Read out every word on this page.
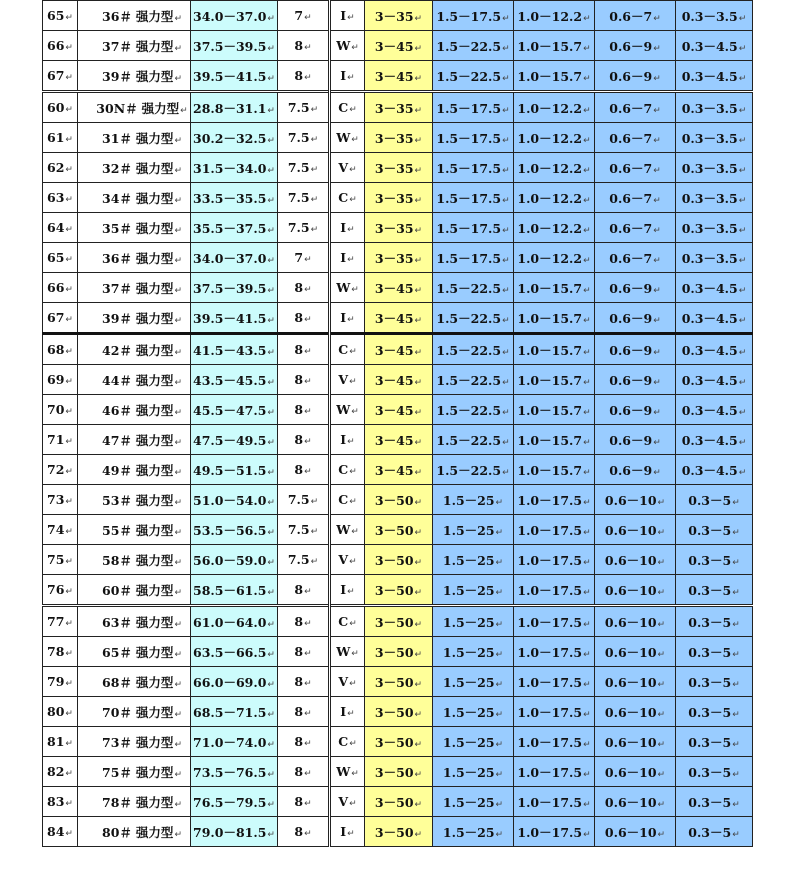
65↵	36＃ 强力型↵	34.0－37.0↵	7↵	I↵	3－35↵	1.5－17.5↵	1.0－12.2↵	0.6－7↵	0.3－3.5↵
66↵	37＃ 强力型↵	37.5－39.5↵	8↵	W↵	3－45↵	1.5－22.5↵	1.0－15.7↵	0.6－9↵	0.3－4.5↵
67↵	39＃ 强力型↵	39.5－41.5↵	8↵	I↵	3－45↵	1.5－22.5↵	1.0－15.7↵	0.6－9↵	0.3－4.5↵
60↵	30N＃ 强力型↵	28.8－31.1↵	7.5↵	C↵	3－35↵	1.5－17.5↵	1.0－12.2↵	0.6－7↵	0.3－3.5↵
61↵	31＃ 强力型↵	30.2－32.5↵	7.5↵	W↵	3－35↵	1.5－17.5↵	1.0－12.2↵	0.6－7↵	0.3－3.5↵
62↵	32＃ 强力型↵	31.5－34.0↵	7.5↵	V↵	3－35↵	1.5－17.5↵	1.0－12.2↵	0.6－7↵	0.3－3.5↵
63↵	34＃ 强力型↵	33.5－35.5↵	7.5↵	C↵	3－35↵	1.5－17.5↵	1.0－12.2↵	0.6－7↵	0.3－3.5↵
64↵	35＃ 强力型↵	35.5－37.5↵	7.5↵	I↵	3－35↵	1.5－17.5↵	1.0－12.2↵	0.6－7↵	0.3－3.5↵
65↵	36＃ 强力型↵	34.0－37.0↵	7↵	I↵	3－35↵	1.5－17.5↵	1.0－12.2↵	0.6－7↵	0.3－3.5↵
66↵	37＃ 强力型↵	37.5－39.5↵	8↵	W↵	3－45↵	1.5－22.5↵	1.0－15.7↵	0.6－9↵	0.3－4.5↵
67↵	39＃ 强力型↵	39.5－41.5↵	8↵	I↵	3－45↵	1.5－22.5↵	1.0－15.7↵	0.6－9↵	0.3－4.5↵
68↵	42＃ 强力型↵	41.5－43.5↵	8↵	C↵	3－45↵	1.5－22.5↵	1.0－15.7↵	0.6－9↵	0.3－4.5↵
69↵	44＃ 强力型↵	43.5－45.5↵	8↵	V↵	3－45↵	1.5－22.5↵	1.0－15.7↵	0.6－9↵	0.3－4.5↵
70↵	46＃ 强力型↵	45.5－47.5↵	8↵	W↵	3－45↵	1.5－22.5↵	1.0－15.7↵	0.6－9↵	0.3－4.5↵
71↵	47＃ 强力型↵	47.5－49.5↵	8↵	I↵	3－45↵	1.5－22.5↵	1.0－15.7↵	0.6－9↵	0.3－4.5↵
72↵	49＃ 强力型↵	49.5－51.5↵	8↵	C↵	3－45↵	1.5－22.5↵	1.0－15.7↵	0.6－9↵	0.3－4.5↵
73↵	53＃ 强力型↵	51.0－54.0↵	7.5↵	C↵	3－50↵	1.5－25↵	1.0－17.5↵	0.6－10↵	0.3－5↵
74↵	55＃ 强力型↵	53.5－56.5↵	7.5↵	W↵	3－50↵	1.5－25↵	1.0－17.5↵	0.6－10↵	0.3－5↵
75↵	58＃ 强力型↵	56.0－59.0↵	7.5↵	V↵	3－50↵	1.5－25↵	1.0－17.5↵	0.6－10↵	0.3－5↵
76↵	60＃ 强力型↵	58.5－61.5↵	8↵	I↵	3－50↵	1.5－25↵	1.0－17.5↵	0.6－10↵	0.3－5↵
77↵	63＃ 强力型↵	61.0－64.0↵	8↵	C↵	3－50↵	1.5－25↵	1.0－17.5↵	0.6－10↵	0.3－5↵
78↵	65＃ 强力型↵	63.5－66.5↵	8↵	W↵	3－50↵	1.5－25↵	1.0－17.5↵	0.6－10↵	0.3－5↵
79↵	68＃ 强力型↵	66.0－69.0↵	8↵	V↵	3－50↵	1.5－25↵	1.0－17.5↵	0.6－10↵	0.3－5↵
80↵	70＃ 强力型↵	68.5－71.5↵	8↵	I↵	3－50↵	1.5－25↵	1.0－17.5↵	0.6－10↵	0.3－5↵
81↵	73＃ 强力型↵	71.0－74.0↵	8↵	C↵	3－50↵	1.5－25↵	1.0－17.5↵	0.6－10↵	0.3－5↵
82↵	75＃ 强力型↵	73.5－76.5↵	8↵	W↵	3－50↵	1.5－25↵	1.0－17.5↵	0.6－10↵	0.3－5↵
83↵	78＃ 强力型↵	76.5－79.5↵	8↵	V↵	3－50↵	1.5－25↵	1.0－17.5↵	0.6－10↵	0.3－5↵
84↵	80＃ 强力型↵	79.0－81.5↵	8↵	I↵	3－50↵	1.5－25↵	1.0－17.5↵	0.6－10↵	0.3－5↵
